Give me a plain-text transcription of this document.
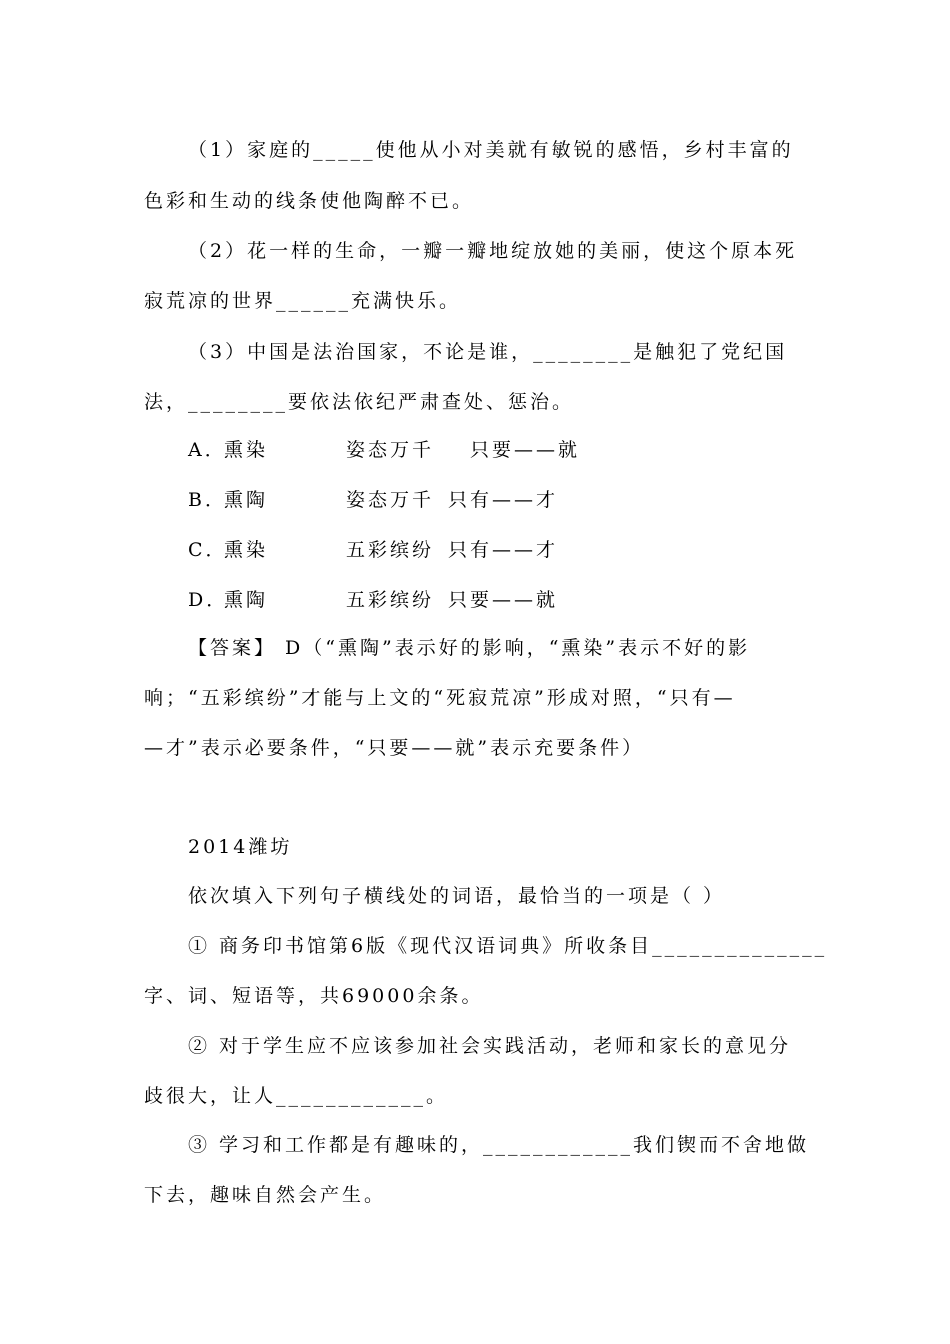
（1）家庭的_____使他从小对美就有敏锐的感悟，乡村丰富的
色彩和生动的线条使他陶醉不已。
（2）花一样的生命，一瓣一瓣地绽放她的美丽，使这个原本死
寂荒凉的世界______充满快乐。
（3）中国是法治国家，不论是谁，________是触犯了党纪国
法，________要依法依纪严肃查处、惩治。
A．
熏染	姿态万千 只要——就
B．
熏陶	姿态万千 只有——才
C．
熏染	五彩缤纷 只有——才
D．
熏陶	五彩缤纷 只要——就
【答案】 D（“熏陶”表示好的影响，“熏染”表示不好的影
响；“五彩缤纷”才能与上文的“死寂荒凉”形成对照，“只有—
—才”表示必要条件，“只要——就”表示充要条件）
2014潍坊
依次填入下列句子横线处的词语，最恰当的一项是（ ）
① 商务印书馆第6版《现代汉语词典》所收条目______________
字、词、短语等，共69000余条。
② 对于学生应不应该参加社会实践活动，老师和家长的意见分
歧很大，让人____________。
③ 学习和工作都是有趣味的，____________我们锲而不舍地做
下去，趣味自然会产生。
